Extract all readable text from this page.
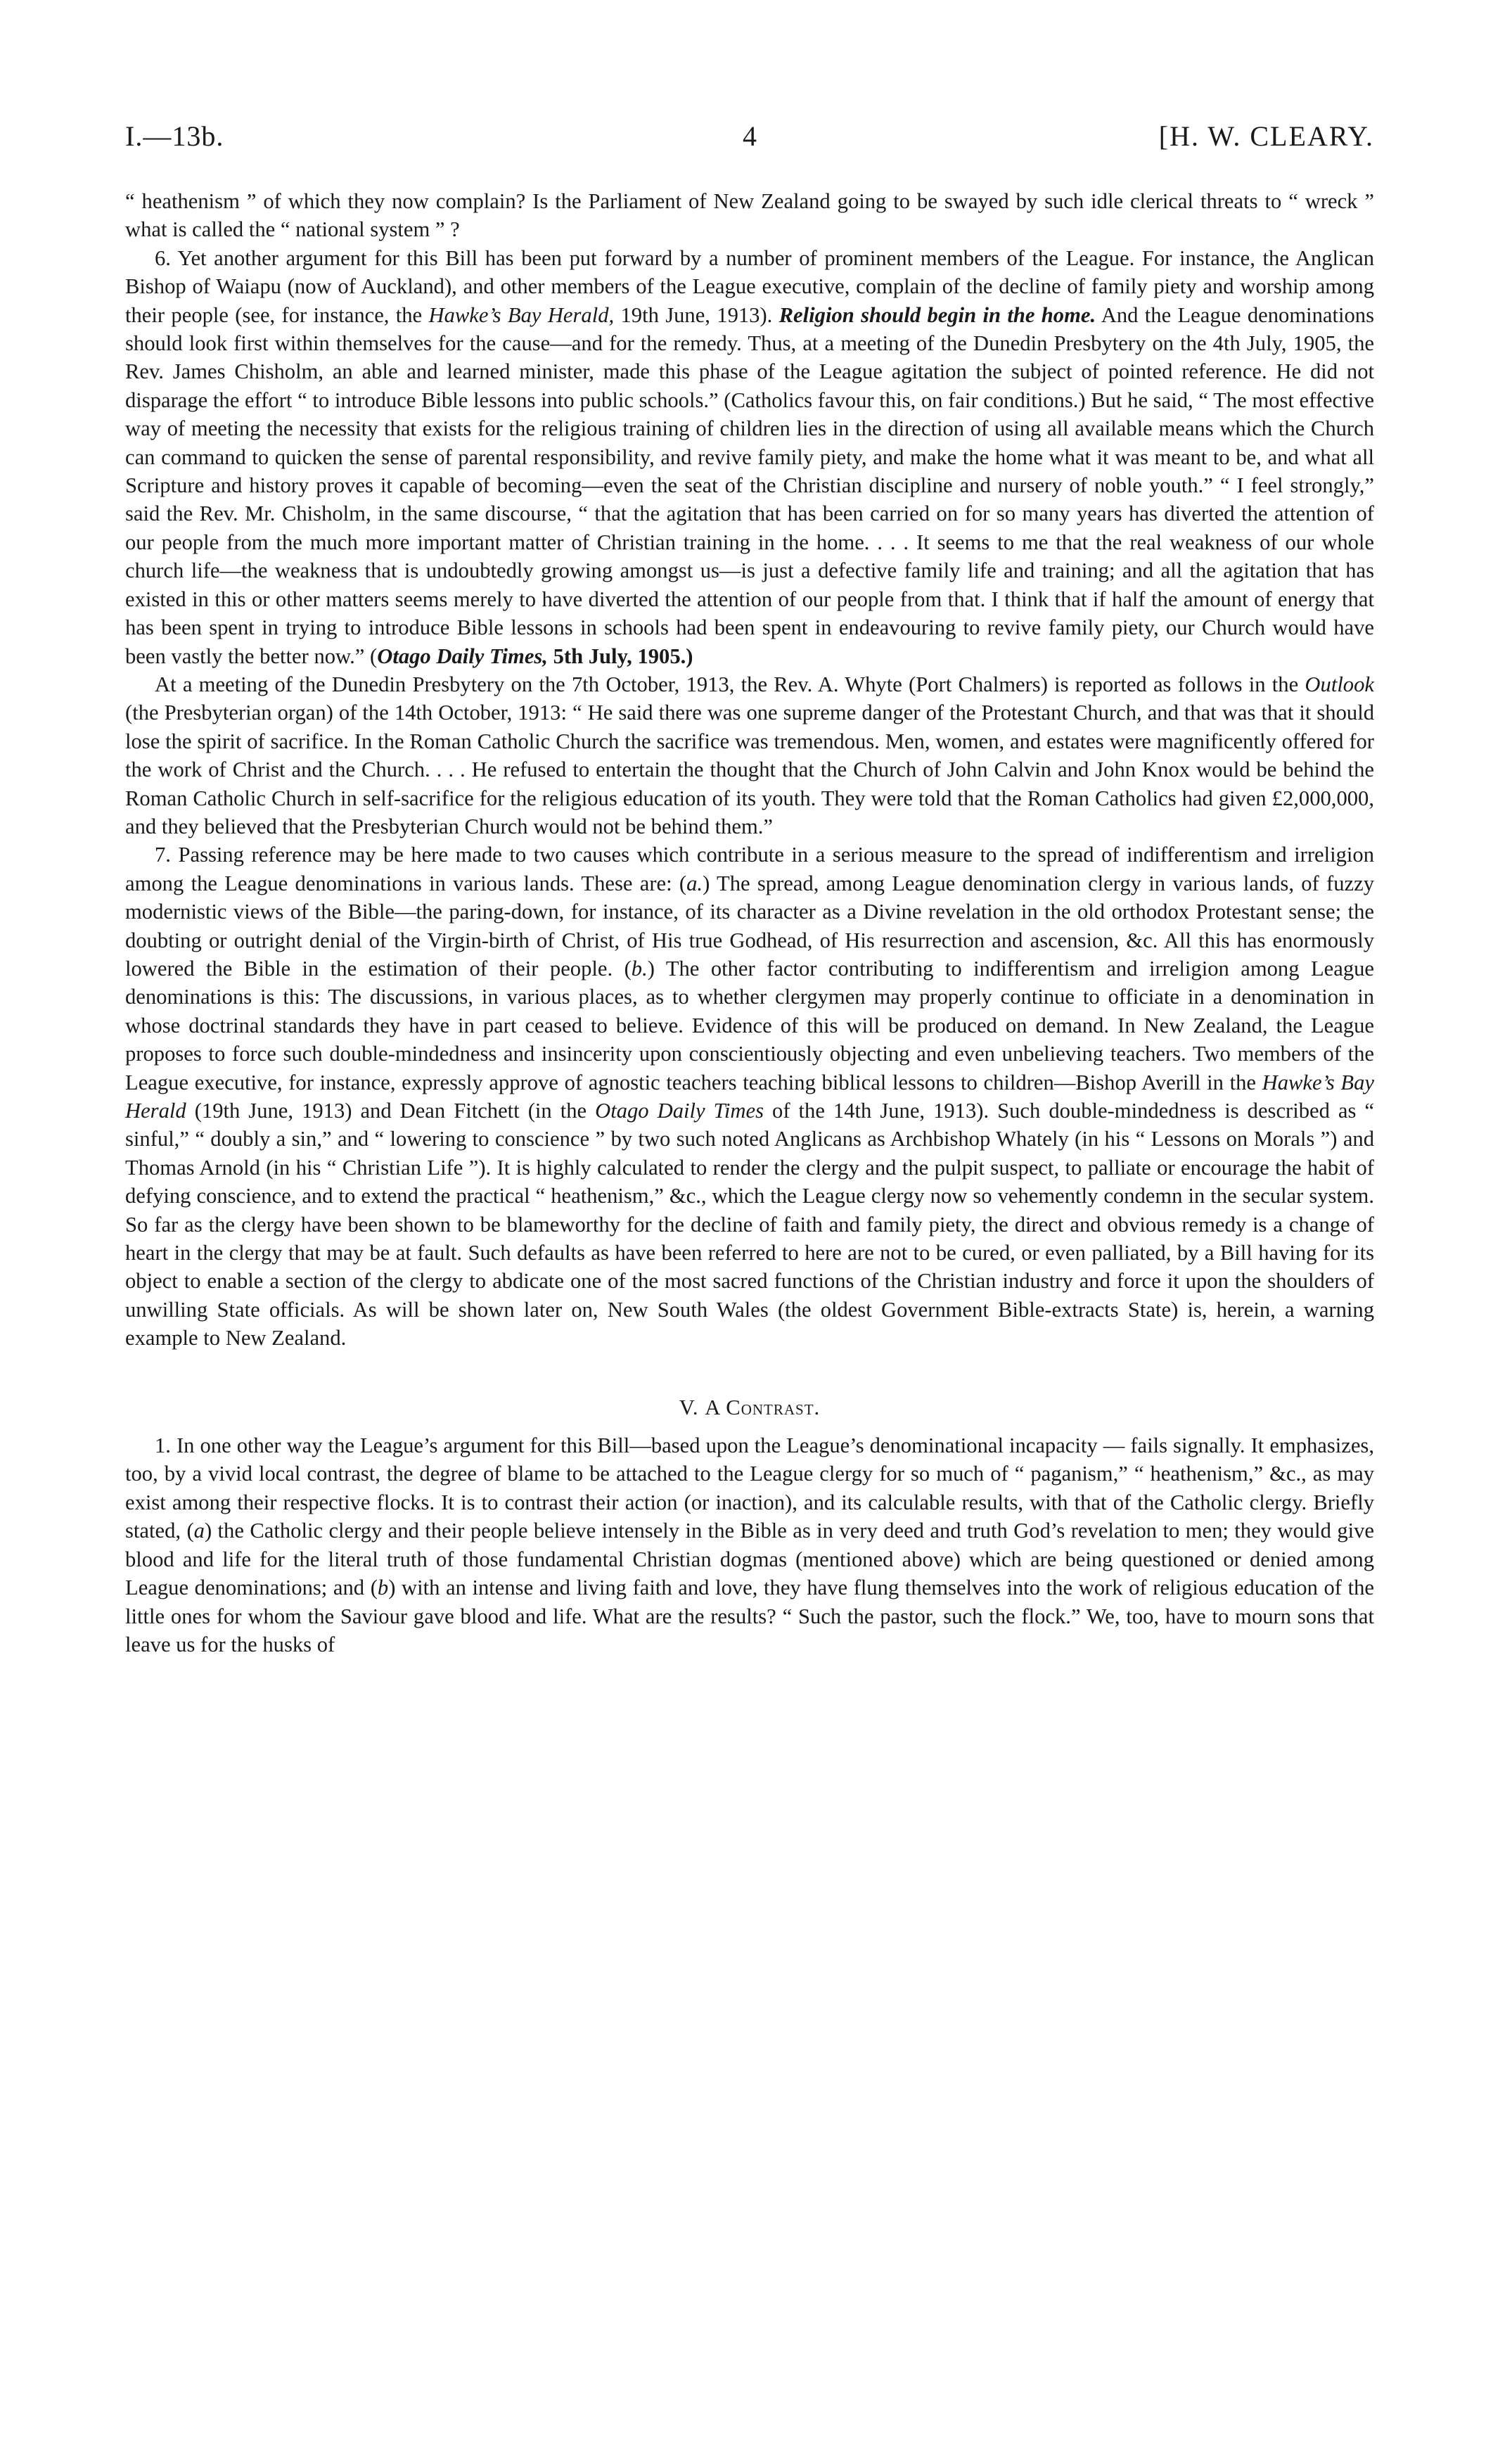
I.—13b.	4	[H. W. CLEARY.

“ heathenism ” of which they now complain? Is the Parliament of New Zealand going to be swayed by such idle clerical threats to “ wreck ” what is called the “ national system ” ?

6. Yet another argument for this Bill has been put forward by a number of prominent members of the League. For instance, the Anglican Bishop of Waiapu (now of Auckland), and other members of the League executive, complain of the decline of family piety and worship among their people (see, for instance, the Hawke’s Bay Herald, 19th June, 1913). Religion should begin in the home. And the League denominations should look first within themselves for the cause—and for the remedy. Thus, at a meeting of the Dunedin Presbytery on the 4th July, 1905, the Rev. James Chisholm, an able and learned minister, made this phase of the League agitation the subject of pointed reference. He did not disparage the effort “ to introduce Bible lessons into public schools.” (Catholics favour this, on fair conditions.) But he said, “ The most effective way of meeting the necessity that exists for the religious training of children lies in the direction of using all available means which the Church can command to quicken the sense of parental responsibility, and revive family piety, and make the home what it was meant to be, and what all Scripture and history proves it capable of becoming—even the seat of the Christian discipline and nursery of noble youth.” “ I feel strongly,” said the Rev. Mr. Chisholm, in the same discourse, “ that the agitation that has been carried on for so many years has diverted the attention of our people from the much more important matter of Christian training in the home. . . . It seems to me that the real weakness of our whole church life—the weakness that is undoubtedly growing amongst us—is just a defective family life and training; and all the agitation that has existed in this or other matters seems merely to have diverted the attention of our people from that. I think that if half the amount of energy that has been spent in trying to introduce Bible lessons in schools had been spent in endeavouring to revive family piety, our Church would have been vastly the better now.” (Otago Daily Times, 5th July, 1905.)

At a meeting of the Dunedin Presbytery on the 7th October, 1913, the Rev. A. Whyte (Port Chalmers) is reported as follows in the Outlook (the Presbyterian organ) of the 14th October, 1913: “ He said there was one supreme danger of the Protestant Church, and that was that it should lose the spirit of sacrifice. In the Roman Catholic Church the sacrifice was tremendous. Men, women, and estates were magnificently offered for the work of Christ and the Church. . . . He refused to entertain the thought that the Church of John Calvin and John Knox would be behind the Roman Catholic Church in self-sacrifice for the religious education of its youth. They were told that the Roman Catholics had given £2,000,000, and they believed that the Presbyterian Church would not be behind them.”

7. Passing reference may be here made to two causes which contribute in a serious measure to the spread of indifferentism and irreligion among the League denominations in various lands. These are: (a.) The spread, among League denomination clergy in various lands, of fuzzy modernistic views of the Bible—the paring-down, for instance, of its character as a Divine revelation in the old orthodox Protestant sense; the doubting or outright denial of the Virgin-birth of Christ, of His true Godhead, of His resurrection and ascension, &c. All this has enormously lowered the Bible in the estimation of their people. (b.) The other factor contributing to indifferentism and irreligion among League denominations is this: The discussions, in various places, as to whether clergymen may properly continue to officiate in a denomination in whose doctrinal standards they have in part ceased to believe. Evidence of this will be produced on demand. In New Zealand, the League proposes to force such double-mindedness and insincerity upon conscientiously objecting and even unbelieving teachers. Two members of the League executive, for instance, expressly approve of agnostic teachers teaching biblical lessons to children—Bishop Averill in the Hawke’s Bay Herald (19th June, 1913) and Dean Fitchett (in the Otago Daily Times of the 14th June, 1913). Such double-mindedness is described as “ sinful,” “ doubly a sin,” and “ lowering to conscience ” by two such noted Anglicans as Archbishop Whately (in his “ Lessons on Morals ”) and Thomas Arnold (in his “ Christian Life ”). It is highly calculated to render the clergy and the pulpit suspect, to palliate or encourage the habit of defying conscience, and to extend the practical “ heathenism,” &c., which the League clergy now so vehemently condemn in the secular system. So far as the clergy have been shown to be blameworthy for the decline of faith and family piety, the direct and obvious remedy is a change of heart in the clergy that may be at fault. Such defaults as have been referred to here are not to be cured, or even palliated, by a Bill having for its object to enable a section of the clergy to abdicate one of the most sacred functions of the Christian industry and force it upon the shoulders of unwilling State officials. As will be shown later on, New South Wales (the oldest Government Bible-extracts State) is, herein, a warning example to New Zealand.

V. A Contrast.

1. In one other way the League’s argument for this Bill—based upon the League’s denominational incapacity — fails signally. It emphasizes, too, by a vivid local contrast, the degree of blame to be attached to the League clergy for so much of “ paganism,” “ heathenism,” &c., as may exist among their respective flocks. It is to contrast their action (or inaction), and its calculable results, with that of the Catholic clergy. Briefly stated, (a) the Catholic clergy and their people believe intensely in the Bible as in very deed and truth God’s revelation to men; they would give blood and life for the literal truth of those fundamental Christian dogmas (mentioned above) which are being questioned or denied among League denominations; and (b) with an intense and living faith and love, they have flung themselves into the work of religious education of the little ones for whom the Saviour gave blood and life. What are the results? “ Such the pastor, such the flock.” We, too, have to mourn sons that leave us for the husks of
